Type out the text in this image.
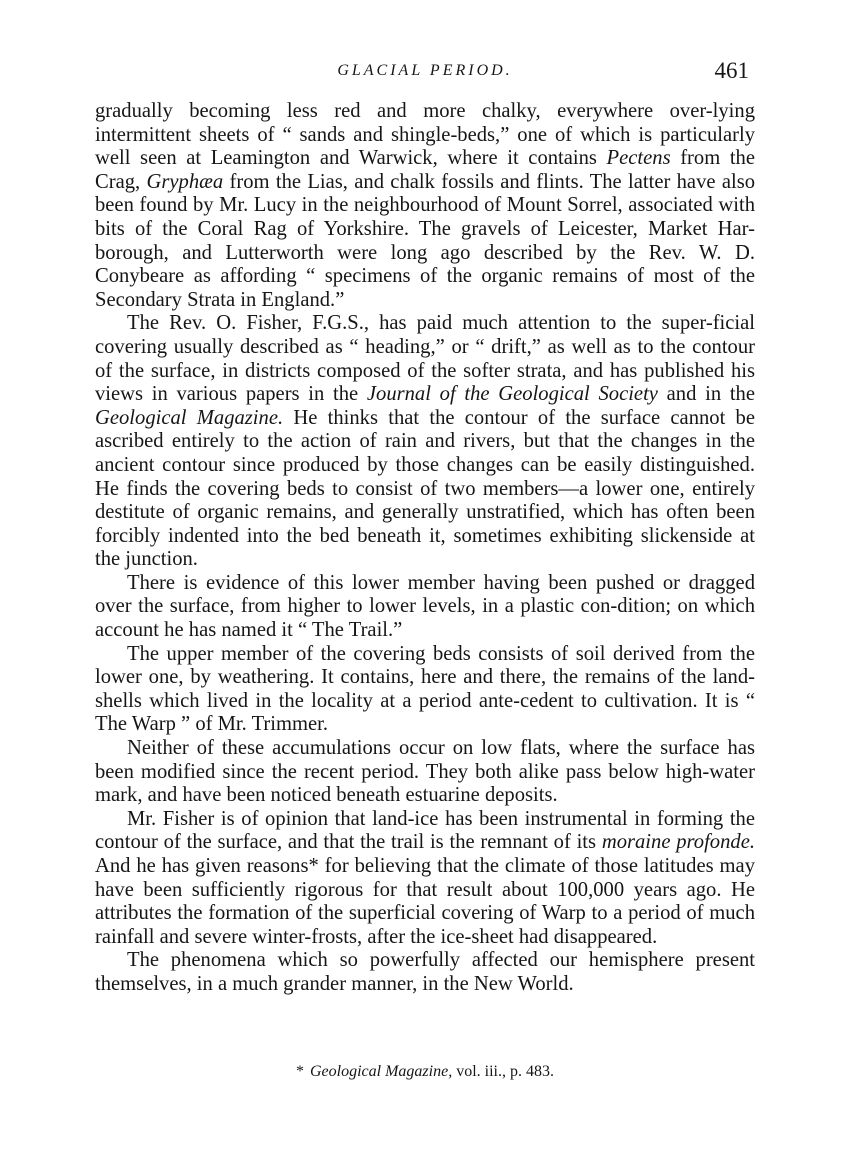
GLACIAL PERIOD.	461

gradually becoming less red and more chalky, everywhere over-lying intermittent sheets of “ sands and shingle-beds,” one of which is particularly well seen at Leamington and Warwick, where it contains Pectens from the Crag, Gryphæa from the Lias, and chalk fossils and flints. The latter have also been found by Mr. Lucy in the neighbourhood of Mount Sorrel, associated with bits of the Coral Rag of Yorkshire. The gravels of Leicester, Market Har-borough, and Lutterworth were long ago described by the Rev. W. D. Conybeare as affording “ specimens of the organic remains of most of the Secondary Strata in England.”

The Rev. O. Fisher, F.G.S., has paid much attention to the super-ficial covering usually described as “ heading,” or “ drift,” as well as to the contour of the surface, in districts composed of the softer strata, and has published his views in various papers in the Journal of the Geological Society and in the Geological Magazine. He thinks that the contour of the surface cannot be ascribed entirely to the action of rain and rivers, but that the changes in the ancient contour since produced by those changes can be easily distinguished. He finds the covering beds to consist of two members—a lower one, entirely destitute of organic remains, and generally unstratified, which has often been forcibly indented into the bed beneath it, sometimes exhibiting slickenside at the junction.

There is evidence of this lower member having been pushed or dragged over the surface, from higher to lower levels, in a plastic con-dition; on which account he has named it “ The Trail.”

The upper member of the covering beds consists of soil derived from the lower one, by weathering. It contains, here and there, the remains of the land-shells which lived in the locality at a period ante-cedent to cultivation. It is “ The Warp ” of Mr. Trimmer.

Neither of these accumulations occur on low flats, where the surface has been modified since the recent period. They both alike pass below high-water mark, and have been noticed beneath estuarine deposits.

Mr. Fisher is of opinion that land-ice has been instrumental in forming the contour of the surface, and that the trail is the remnant of its moraine profonde. And he has given reasons* for believing that the climate of those latitudes may have been sufficiently rigorous for that result about 100,000 years ago. He attributes the formation of the superficial covering of Warp to a period of much rainfall and severe winter-frosts, after the ice-sheet had disappeared.

The phenomena which so powerfully affected our hemisphere present themselves, in a much grander manner, in the New World.

* Geological Magazine, vol. iii., p. 483.
